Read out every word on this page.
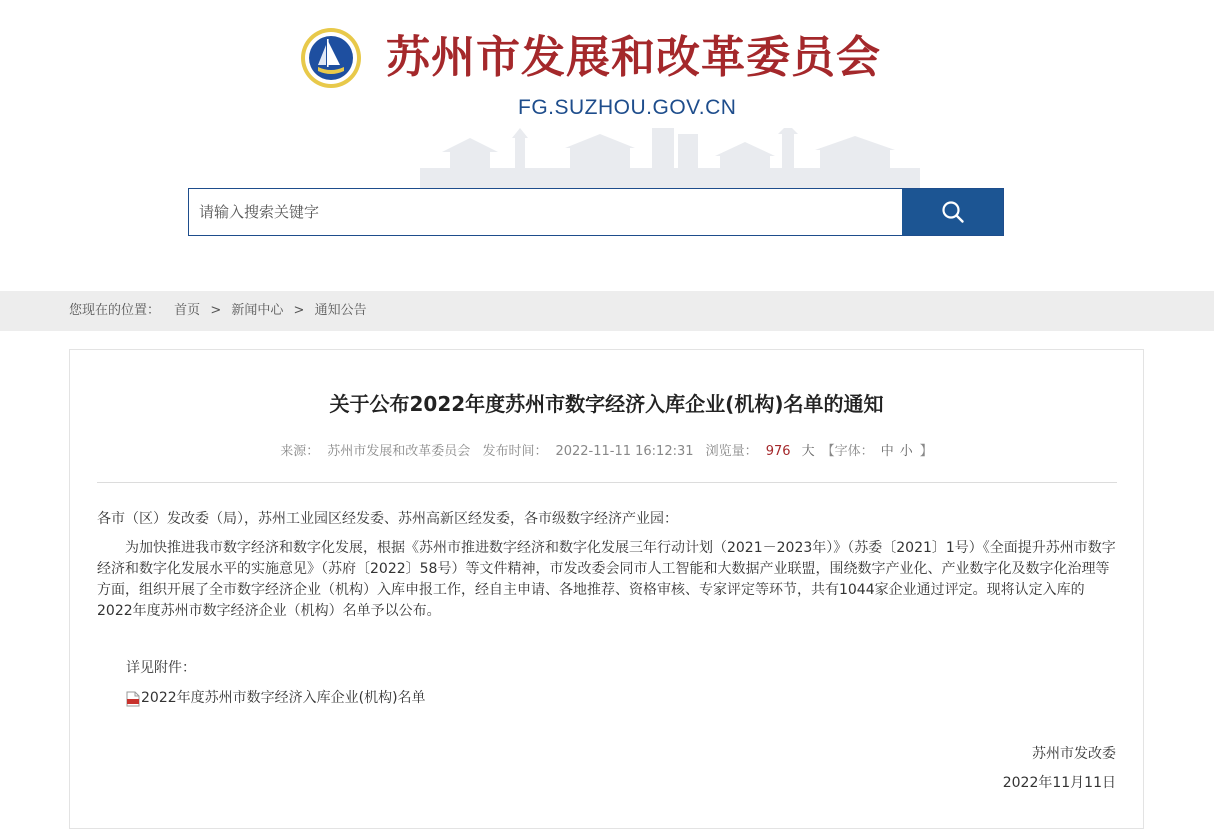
苏州市发展和改革委员会
FG.SUZHOU.GOV.CN
请输入搜索关键字
您现在的位置： 首页 > 新闻中心 > 通知公告
关于公布2022年度苏州市数字经济入库企业(机构)名单的通知
来源： 苏州市发展和改革委员会 发布时间： 2022-11-11 16:12:31 浏览量： 976 大 【字体： 中 小 】
各市（区）发改委（局），苏州工业园区经发委、苏州高新区经发委，各市级数字经济产业园：
为加快推进我市数字经济和数字化发展，根据《苏州市推进数字经济和数字化发展三年行动计划（2021－2023年）》（苏委〔2021〕1号）《全面提升苏州市数字经济和数字化发展水平的实施意见》（苏府〔2022〕58号）等文件精神，市发改委会同市人工智能和大数据产业联盟，围绕数字产业化、产业数字化及数字化治理等方面，组织开展了全市数字经济企业（机构）入库申报工作，经自主申请、各地推荐、资格审核、专家评定等环节，共有1044家企业通过评定。现将认定入库的2022年度苏州市数字经济企业（机构）名单予以公布。
详见附件：
2022年度苏州市数字经济入库企业(机构)名单
苏州市发改委
2022年11月11日
